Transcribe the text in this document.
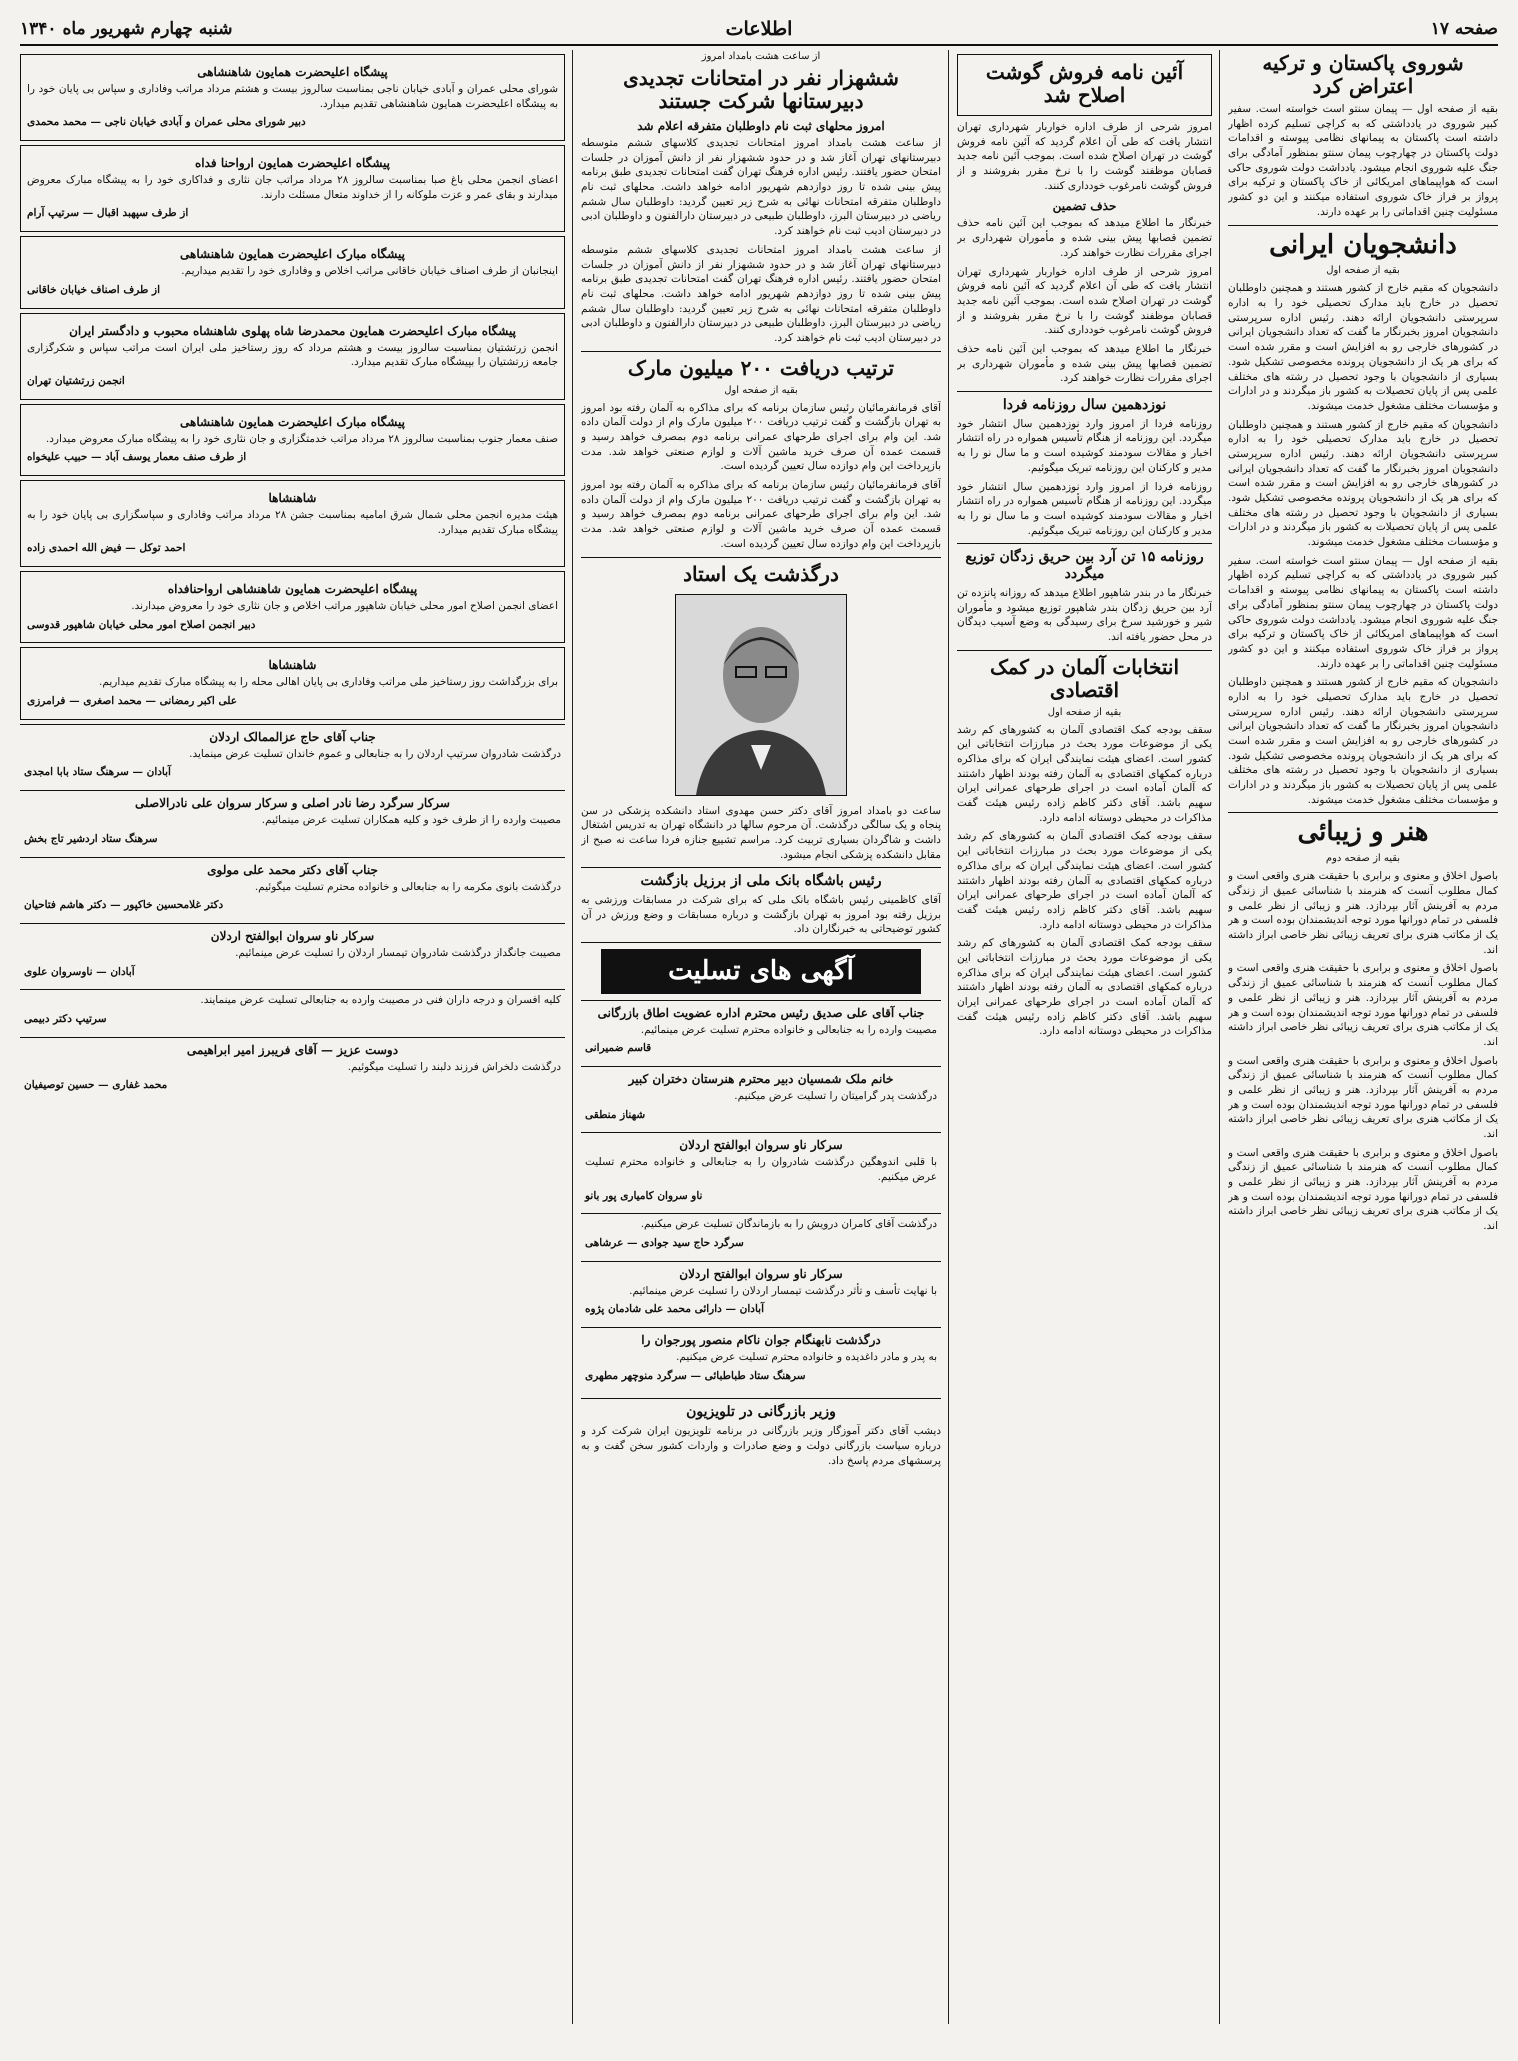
صفحه ۱۷
اطلاعات
شنبه چهارم شهریور ماه ۱۳۴۰
شوروی پاکستان و ترکیه اعتراض کرد

بقیه از صفحه اول — پیمان سنتو است خواسته است. سفیر کبیر شوروی در یادداشتی که به کراچی تسلیم کرده اظهار داشته است پاکستان به پیمانهای نظامی پیوسته و اقدامات دولت پاکستان در چهارچوب پیمان سنتو بمنظور آمادگی برای جنگ علیه شوروی انجام میشود. یادداشت دولت شوروی حاکی است که هواپیماهای امریکائی از خاک پاکستان و ترکیه برای پرواز بر فراز خاک شوروی استفاده میکنند و این دو کشور مسئولیت چنین اقداماتی را بر عهده دارند.

دانشجویان ایرانی
بقیه از صفحه اول

دانشجویان که مقیم خارج از کشور هستند و همچنین داوطلبان تحصیل در خارج باید مدارک تحصیلی خود را به اداره سرپرستی دانشجویان ارائه دهند. رئیس اداره سرپرستی دانشجویان امروز بخبرنگار ما گفت که تعداد دانشجویان ایرانی در کشورهای خارجی رو به افزایش است و مقرر شده است که برای هر یک از دانشجویان پرونده مخصوصی تشکیل شود. بسیاری از دانشجویان با وجود تحصیل در رشته های مختلف علمی پس از پایان تحصیلات به کشور باز میگردند و در ادارات و مؤسسات مختلف مشغول خدمت میشوند.

دانشجویان که مقیم خارج از کشور هستند و همچنین داوطلبان تحصیل در خارج باید مدارک تحصیلی خود را به اداره سرپرستی دانشجویان ارائه دهند. رئیس اداره سرپرستی دانشجویان امروز بخبرنگار ما گفت که تعداد دانشجویان ایرانی در کشورهای خارجی رو به افزایش است و مقرر شده است که برای هر یک از دانشجویان پرونده مخصوصی تشکیل شود. بسیاری از دانشجویان با وجود تحصیل در رشته های مختلف علمی پس از پایان تحصیلات به کشور باز میگردند و در ادارات و مؤسسات مختلف مشغول خدمت میشوند.

بقیه از صفحه اول — پیمان سنتو است خواسته است. سفیر کبیر شوروی در یادداشتی که به کراچی تسلیم کرده اظهار داشته است پاکستان به پیمانهای نظامی پیوسته و اقدامات دولت پاکستان در چهارچوب پیمان سنتو بمنظور آمادگی برای جنگ علیه شوروی انجام میشود. یادداشت دولت شوروی حاکی است که هواپیماهای امریکائی از خاک پاکستان و ترکیه برای پرواز بر فراز خاک شوروی استفاده میکنند و این دو کشور مسئولیت چنین اقداماتی را بر عهده دارند.

دانشجویان که مقیم خارج از کشور هستند و همچنین داوطلبان تحصیل در خارج باید مدارک تحصیلی خود را به اداره سرپرستی دانشجویان ارائه دهند. رئیس اداره سرپرستی دانشجویان امروز بخبرنگار ما گفت که تعداد دانشجویان ایرانی در کشورهای خارجی رو به افزایش است و مقرر شده است که برای هر یک از دانشجویان پرونده مخصوصی تشکیل شود. بسیاری از دانشجویان با وجود تحصیل در رشته های مختلف علمی پس از پایان تحصیلات به کشور باز میگردند و در ادارات و مؤسسات مختلف مشغول خدمت میشوند.

هنر و زیبائی
بقیه از صفحه دوم

باصول اخلاق و معنوی و برابری با حقیقت هنری واقعی است و کمال مطلوب آنست که هنرمند با شناسائی عمیق از زندگی مردم به آفرینش آثار بپردازد. هنر و زیبائی از نظر علمی و فلسفی در تمام دورانها مورد توجه اندیشمندان بوده است و هر یک از مکاتب هنری برای تعریف زیبائی نظر خاصی ابراز داشته اند.

باصول اخلاق و معنوی و برابری با حقیقت هنری واقعی است و کمال مطلوب آنست که هنرمند با شناسائی عمیق از زندگی مردم به آفرینش آثار بپردازد. هنر و زیبائی از نظر علمی و فلسفی در تمام دورانها مورد توجه اندیشمندان بوده است و هر یک از مکاتب هنری برای تعریف زیبائی نظر خاصی ابراز داشته اند.

باصول اخلاق و معنوی و برابری با حقیقت هنری واقعی است و کمال مطلوب آنست که هنرمند با شناسائی عمیق از زندگی مردم به آفرینش آثار بپردازد. هنر و زیبائی از نظر علمی و فلسفی در تمام دورانها مورد توجه اندیشمندان بوده است و هر یک از مکاتب هنری برای تعریف زیبائی نظر خاصی ابراز داشته اند.

باصول اخلاق و معنوی و برابری با حقیقت هنری واقعی است و کمال مطلوب آنست که هنرمند با شناسائی عمیق از زندگی مردم به آفرینش آثار بپردازد. هنر و زیبائی از نظر علمی و فلسفی در تمام دورانها مورد توجه اندیشمندان بوده است و هر یک از مکاتب هنری برای تعریف زیبائی نظر خاصی ابراز داشته اند.

آئین نامه فروش گوشت اصلاح شد

امروز شرحی از طرف اداره خواربار شهرداری تهران انتشار یافت که طی آن اعلام گردید که آئین نامه فروش گوشت در تهران اصلاح شده است. بموجب آئین نامه جدید قصابان موظفند گوشت را با نرخ مقرر بفروشند و از فروش گوشت نامرغوب خودداری کنند.

حذف تضمین

خبرنگار ما اطلاع میدهد که بموجب این آئین نامه حذف تضمین قصابها پیش بینی شده و مأموران شهرداری بر اجرای مقررات نظارت خواهند کرد.

امروز شرحی از طرف اداره خواربار شهرداری تهران انتشار یافت که طی آن اعلام گردید که آئین نامه فروش گوشت در تهران اصلاح شده است. بموجب آئین نامه جدید قصابان موظفند گوشت را با نرخ مقرر بفروشند و از فروش گوشت نامرغوب خودداری کنند.

خبرنگار ما اطلاع میدهد که بموجب این آئین نامه حذف تضمین قصابها پیش بینی شده و مأموران شهرداری بر اجرای مقررات نظارت خواهند کرد.

نوزدهمین سال روزنامه فردا

روزنامه فردا از امروز وارد نوزدهمین سال انتشار خود میگردد. این روزنامه از هنگام تأسیس همواره در راه انتشار اخبار و مقالات سودمند کوشیده است و ما سال نو را به مدیر و کارکنان این روزنامه تبریک میگوئیم.

روزنامه فردا از امروز وارد نوزدهمین سال انتشار خود میگردد. این روزنامه از هنگام تأسیس همواره در راه انتشار اخبار و مقالات سودمند کوشیده است و ما سال نو را به مدیر و کارکنان این روزنامه تبریک میگوئیم.

روزنامه ۱۵ تن آرد بین حریق زدگان توزیع میگردد

خبرنگار ما در بندر شاهپور اطلاع میدهد که روزانه پانزده تن آرد بین حریق زدگان بندر شاهپور توزیع میشود و مأموران شیر و خورشید سرخ برای رسیدگی به وضع آسیب دیدگان در محل حضور یافته اند.

انتخابات آلمان در کمک اقتصادی
بقیه از صفحه اول

سقف بودجه کمک اقتصادی آلمان به کشورهای کم رشد یکی از موضوعات مورد بحث در مبارزات انتخاباتی این کشور است. اعضای هیئت نمایندگی ایران که برای مذاکره درباره کمکهای اقتصادی به آلمان رفته بودند اظهار داشتند که آلمان آماده است در اجرای طرحهای عمرانی ایران سهیم باشد. آقای دکتر کاظم زاده رئیس هیئت گفت مذاکرات در محیطی دوستانه ادامه دارد.

سقف بودجه کمک اقتصادی آلمان به کشورهای کم رشد یکی از موضوعات مورد بحث در مبارزات انتخاباتی این کشور است. اعضای هیئت نمایندگی ایران که برای مذاکره درباره کمکهای اقتصادی به آلمان رفته بودند اظهار داشتند که آلمان آماده است در اجرای طرحهای عمرانی ایران سهیم باشد. آقای دکتر کاظم زاده رئیس هیئت گفت مذاکرات در محیطی دوستانه ادامه دارد.

سقف بودجه کمک اقتصادی آلمان به کشورهای کم رشد یکی از موضوعات مورد بحث در مبارزات انتخاباتی این کشور است. اعضای هیئت نمایندگی ایران که برای مذاکره درباره کمکهای اقتصادی به آلمان رفته بودند اظهار داشتند که آلمان آماده است در اجرای طرحهای عمرانی ایران سهیم باشد. آقای دکتر کاظم زاده رئیس هیئت گفت مذاکرات در محیطی دوستانه ادامه دارد.

از ساعت هشت بامداد امروز
ششهزار نفر در امتحانات تجدیدی دبیرستانها شرکت جستند
امروز محلهای ثبت نام داوطلبان متفرقه اعلام شد

از ساعت هشت بامداد امروز امتحانات تجدیدی کلاسهای ششم متوسطه دبیرستانهای تهران آغاز شد و در حدود ششهزار نفر از دانش آموزان در جلسات امتحان حضور یافتند. رئیس اداره فرهنگ تهران گفت امتحانات تجدیدی طبق برنامه پیش بینی شده تا روز دوازدهم شهریور ادامه خواهد داشت. محلهای ثبت نام داوطلبان متفرقه امتحانات نهائی به شرح زیر تعیین گردید: داوطلبان سال ششم ریاضی در دبیرستان البرز، داوطلبان طبیعی در دبیرستان دارالفنون و داوطلبان ادبی در دبیرستان ادیب ثبت نام خواهند کرد.

از ساعت هشت بامداد امروز امتحانات تجدیدی کلاسهای ششم متوسطه دبیرستانهای تهران آغاز شد و در حدود ششهزار نفر از دانش آموزان در جلسات امتحان حضور یافتند. رئیس اداره فرهنگ تهران گفت امتحانات تجدیدی طبق برنامه پیش بینی شده تا روز دوازدهم شهریور ادامه خواهد داشت. محلهای ثبت نام داوطلبان متفرقه امتحانات نهائی به شرح زیر تعیین گردید: داوطلبان سال ششم ریاضی در دبیرستان البرز، داوطلبان طبیعی در دبیرستان دارالفنون و داوطلبان ادبی در دبیرستان ادیب ثبت نام خواهند کرد.

ترتیب دریافت ۲۰۰ میلیون مارک
بقیه از صفحه اول

آقای فرمانفرمائیان رئیس سازمان برنامه که برای مذاکره به آلمان رفته بود امروز به تهران بازگشت و گفت ترتیب دریافت ۲۰۰ میلیون مارک وام از دولت آلمان داده شد. این وام برای اجرای طرحهای عمرانی برنامه دوم بمصرف خواهد رسید و قسمت عمده آن صرف خرید ماشین آلات و لوازم صنعتی خواهد شد. مدت بازپرداخت این وام دوازده سال تعیین گردیده است.

آقای فرمانفرمائیان رئیس سازمان برنامه که برای مذاکره به آلمان رفته بود امروز به تهران بازگشت و گفت ترتیب دریافت ۲۰۰ میلیون مارک وام از دولت آلمان داده شد. این وام برای اجرای طرحهای عمرانی برنامه دوم بمصرف خواهد رسید و قسمت عمده آن صرف خرید ماشین آلات و لوازم صنعتی خواهد شد. مدت بازپرداخت این وام دوازده سال تعیین گردیده است.

درگذشت یک استاد

ساعت دو بامداد امروز آقای دکتر حسن مهدوی استاد دانشکده پزشکی در سن پنجاه و یک سالگی درگذشت. آن مرحوم سالها در دانشگاه تهران به تدریس اشتغال داشت و شاگردان بسیاری تربیت کرد. مراسم تشییع جنازه فردا ساعت نه صبح از مقابل دانشکده پزشکی انجام میشود.

رئیس باشگاه بانک ملی از برزیل بازگشت

آقای کاظمینی رئیس باشگاه بانک ملی که برای شرکت در مسابقات ورزشی به برزیل رفته بود امروز به تهران بازگشت و درباره مسابقات و وضع ورزش در آن کشور توضیحاتی به خبرنگاران داد.

آگهی های تسلیت
جناب آقای علی صدیق رئیس محترم اداره عضویت اطاق بازرگانی

مصیبت وارده را به جنابعالی و خانواده محترم تسلیت عرض مینمائیم.

قاسم ضمیرانی
خانم ملک شمسیان دبیر محترم هنرستان دختران کبیر

درگذشت پدر گرامیتان را تسلیت عرض میکنیم.

شهناز منطقی
سرکار ناو سروان ابوالفتح اردلان

با قلبی اندوهگین درگذشت شادروان را به جنابعالی و خانواده محترم تسلیت عرض میکنیم.

ناو سروان کامیاری پور بانو

درگذشت آقای کامران درویش را به بازماندگان تسلیت عرض میکنیم.

سرگرد حاج سید جوادی — عرشاهی
سرکار ناو سروان ابوالفتح اردلان

با نهایت تأسف و تأثر درگذشت تیمسار اردلان را تسلیت عرض مینمائیم.

آبادان — دارائی محمد علی شادمان پژوه
درگذشت نابهنگام جوان ناکام منصور پورجوان را

به پدر و مادر داغدیده و خانواده محترم تسلیت عرض میکنیم.

سرهنگ ستاد طباطبائی — سرگرد منوچهر مطهری
وزیر بازرگانی در تلویزیون

دیشب آقای دکتر آموزگار وزیر بازرگانی در برنامه تلویزیون ایران شرکت کرد و درباره سیاست بازرگانی دولت و وضع صادرات و واردات کشور سخن گفت و به پرسشهای مردم پاسخ داد.

پیشگاه اعلیحضرت همایون شاهنشاهی

شورای محلی عمران و آبادی خیابان ناجی بمناسبت سالروز بیست و هشتم مرداد مراتب وفاداری و سپاس بی پایان خود را به پیشگاه اعلیحضرت همایون شاهنشاهی تقدیم میدارد.

دبیر شورای محلی عمران و آبادی خیابان ناجی — محمد محمدی
پیشگاه اعلیحضرت همایون ارواحنا فداه

اعضای انجمن محلی باغ صبا بمناسبت سالروز ۲۸ مرداد مراتب جان نثاری و فداکاری خود را به پیشگاه مبارک معروض میدارند و بقای عمر و عزت ملوکانه را از خداوند متعال مسئلت دارند.

از طرف سپهبد اقبال — سرتیپ آرام
پیشگاه مبارک اعلیحضرت همایون شاهنشاهی

اینجانبان از طرف اصناف خیابان خاقانی مراتب اخلاص و وفاداری خود را تقدیم میداریم.

از طرف اصناف خیابان خاقانی
پیشگاه مبارک اعلیحضرت همایون محمدرضا شاه پهلوی شاهنشاه محبوب و دادگستر ایران

انجمن زرتشتیان بمناسبت سالروز بیست و هشتم مرداد که روز رستاخیز ملی ایران است مراتب سپاس و شکرگزاری جامعه زرتشتیان را بپیشگاه مبارک تقدیم میدارد.

انجمن زرتشتیان تهران
پیشگاه مبارک اعلیحضرت همایون شاهنشاهی

صنف معمار جنوب بمناسبت سالروز ۲۸ مرداد مراتب خدمتگزاری و جان نثاری خود را به پیشگاه مبارک معروض میدارد.

از طرف صنف معمار یوسف آباد — حبیب علیخواه
شاهنشاها

هیئت مدیره انجمن محلی شمال شرق امامیه بمناسبت جشن ۲۸ مرداد مراتب وفاداری و سپاسگزاری بی پایان خود را به پیشگاه مبارک تقدیم میدارد.

احمد توکل — فیض الله احمدی زاده
پیشگاه اعلیحضرت همایون شاهنشاهی ارواحنافداه

اعضای انجمن اصلاح امور محلی خیابان شاهپور مراتب اخلاص و جان نثاری خود را معروض میدارند.

دبیر انجمن اصلاح امور محلی خیابان شاهپور قدوسی
شاهنشاها

برای بزرگداشت روز رستاخیز ملی مراتب وفاداری بی پایان اهالی محله را به پیشگاه مبارک تقدیم میداریم.

علی اکبر رمضانی — محمد اصغری — فرامرزی
جناب آقای حاج عزالممالک اردلان

درگذشت شادروان سرتیپ اردلان را به جنابعالی و عموم خاندان تسلیت عرض مینماید.

آبادان — سرهنگ ستاد بابا امجدی
سرکار سرگرد رضا نادر اصلی و سرکار سروان علی نادرالاصلی

مصیبت وارده را از طرف خود و کلیه همکاران تسلیت عرض مینمائیم.

سرهنگ ستاد اردشیر تاج بخش
جناب آقای دکتر محمد علی مولوی

درگذشت بانوی مکرمه را به جنابعالی و خانواده محترم تسلیت میگوئیم.

دکتر غلامحسین خاکپور — دکتر هاشم فتاحیان
سرکار ناو سروان ابوالفتح اردلان

مصیبت جانگداز درگذشت شادروان تیمسار اردلان را تسلیت عرض مینمائیم.

آبادان — ناوسروان علوی

کلیه افسران و درجه داران فنی در مصیبت وارده به جنابعالی تسلیت عرض مینمایند.

سرتیپ دکتر دبیمی
دوست عزیز — آقای فریبرز امیر ابراهیمی

درگذشت دلخراش فرزند دلبند را تسلیت میگوئیم.

محمد غفاری — حسین توصیفیان
